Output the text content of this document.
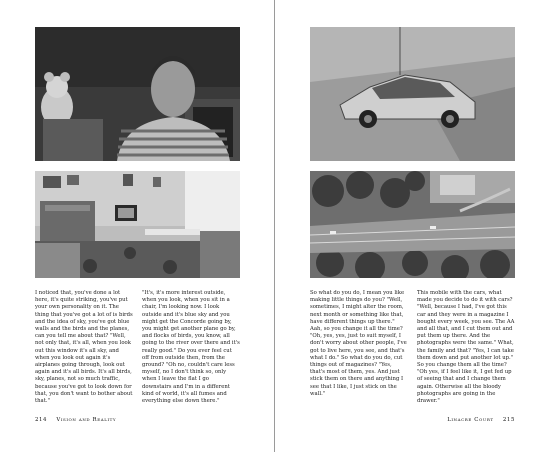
I noticed that, you've done a lot here, it's quite striking, you've put your own personality on it. The thing that you've got a lot of is birds and the idea of sky, you've got blue walls and the birds and the planes, can you tell me about that? "Well, not only that, it's all, when you look out this window it's all sky, and when you look out again it's airplanes going through, look out again and it's all birds. It's all birds, sky, planes, not so much traffic, because you've got to look down for that, you don't want to bother about that."

"It's, it's more interest outside, when you look, when you sit in a chair, I'm looking now. I look outside and it's blue sky and you might get the Concorde going by, you might get another plane go by, and flocks of birds, you know, all going to the river over there and it's really good." Do you ever feel cut off from outside then, from the ground? "Oh no, couldn't care less myself, no I don't think so, only when I leave the flat I go downstairs and I'm in a different kind of world, it's all fumes and everything else down there."

214 Vision and Reality

So what do you do, I mean you like making little things do you? "Well, sometimes, I might alter the room, next month or something like that, have different things up there." Aah, so you change it all the time? "Oh, yes, yes, just to suit myself, I don't worry about other people, I've got to live here, you see, and that's what I do." So what do you do, cut things out of magazines? "Yes, that's most of them, yes. And just stick them on there and anything I see that I like, I just stick on the wall."

This mobile with the cars, what made you decide to do it with cars? "Well, because I had, I've got this car and they were in a magazine I bought every week, you see. The AA and all that, and I cut them out and put them up there. And the photographs were the same." What, the family and that? "Yes, I can take them down and put another lot up." So you change them all the time? "Oh yes, if I feel like it, I get fed up of seeing that and I change them again. Otherwise all the bloody photographs are going in the drawer."

Linacre Court 215
